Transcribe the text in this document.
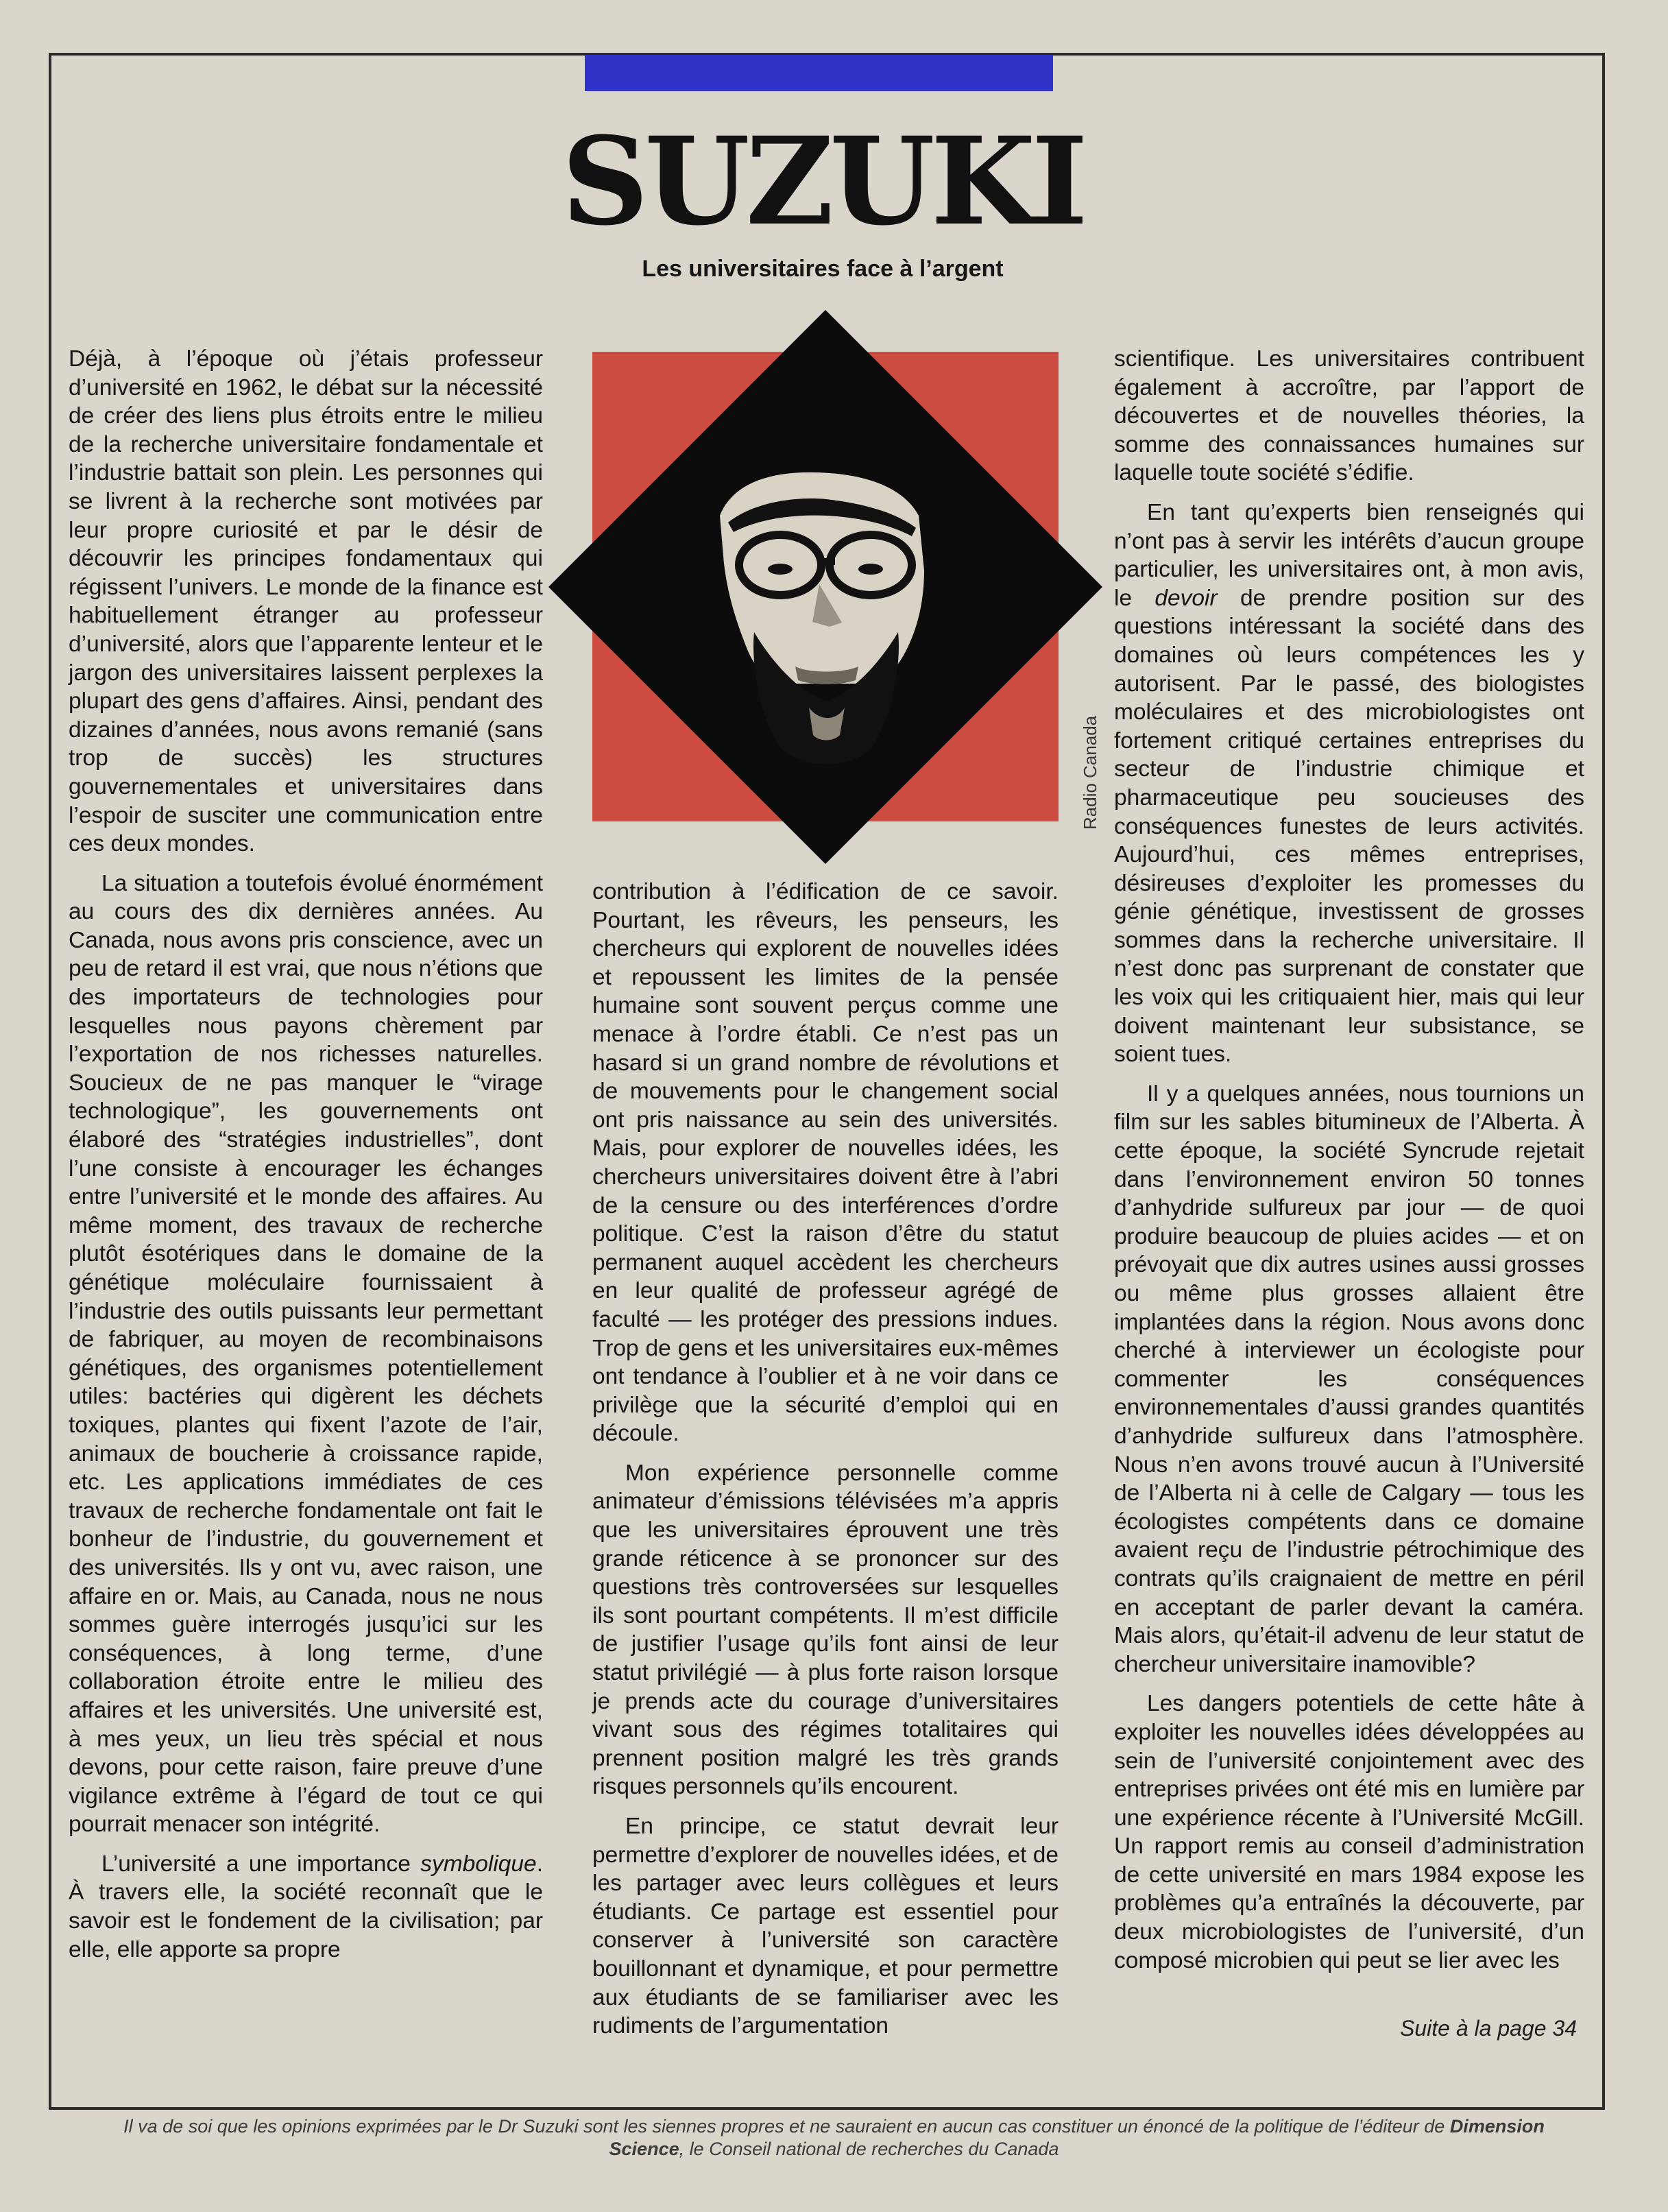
SUZUKI
Les universitaires face à l’argent
Radio Canada

Déjà, à l’époque où j’étais professeur d’université en 1962, le débat sur la nécessité de créer des liens plus étroits entre le milieu de la recherche universitaire fondamentale et l’industrie battait son plein. Les personnes qui se livrent à la recherche sont motivées par leur propre curiosité et par le désir de découvrir les principes fondamentaux qui régissent l’univers. Le monde de la finance est habituellement étranger au professeur d’université, alors que l’apparente lenteur et le jargon des universitaires laissent perplexes la plupart des gens d’affaires. Ainsi, pendant des dizaines d’années, nous avons remanié (sans trop de succès) les structures gouvernementales et universitaires dans l’espoir de susciter une communication entre ces deux mondes.

La situation a toutefois évolué énormément au cours des dix dernières années. Au Canada, nous avons pris conscience, avec un peu de retard il est vrai, que nous n’étions que des importateurs de technologies pour lesquelles nous payons chèrement par l’exportation de nos richesses naturelles. Soucieux de ne pas manquer le “virage technologique”, les gouvernements ont élaboré des “stratégies industrielles”, dont l’une consiste à encourager les échanges entre l’université et le monde des affaires. Au même moment, des travaux de recherche plutôt ésotériques dans le domaine de la génétique moléculaire fournissaient à l’industrie des outils puissants leur permettant de fabriquer, au moyen de recombinaisons génétiques, des organismes potentiellement utiles: bactéries qui digèrent les déchets toxiques, plantes qui fixent l’azote de l’air, animaux de boucherie à croissance rapide, etc. Les applications immédiates de ces travaux de recherche fondamentale ont fait le bonheur de l’industrie, du gouvernement et des universités. Ils y ont vu, avec raison, une affaire en or. Mais, au Canada, nous ne nous sommes guère interrogés jusqu’ici sur les conséquences, à long terme, d’une collaboration étroite entre le milieu des affaires et les universités. Une université est, à mes yeux, un lieu très spécial et nous devons, pour cette raison, faire preuve d’une vigilance extrême à l’égard de tout ce qui pourrait menacer son intégrité.

L’université a une importance symbolique. À travers elle, la société reconnaît que le savoir est le fondement de la civilisation; par elle, elle apporte sa propre

contribution à l’édification de ce savoir. Pourtant, les rêveurs, les penseurs, les chercheurs qui explorent de nouvelles idées et repoussent les limites de la pensée humaine sont souvent perçus comme une menace à l’ordre établi. Ce n’est pas un hasard si un grand nombre de révolutions et de mouvements pour le changement social ont pris naissance au sein des universités. Mais, pour explorer de nouvelles idées, les chercheurs universitaires doivent être à l’abri de la censure ou des interférences d’ordre politique. C’est la raison d’être du statut permanent auquel accèdent les chercheurs en leur qualité de professeur agrégé de faculté — les protéger des pressions indues. Trop de gens et les universitaires eux-mêmes ont tendance à l’oublier et à ne voir dans ce privilège que la sécurité d’emploi qui en découle.

Mon expérience personnelle comme animateur d’émissions télévisées m’a appris que les universitaires éprouvent une très grande réticence à se prononcer sur des questions très controversées sur lesquelles ils sont pourtant compétents. Il m’est difficile de justifier l’usage qu’ils font ainsi de leur statut privilégié — à plus forte raison lorsque je prends acte du courage d’universitaires vivant sous des régimes totalitaires qui prennent position malgré les très grands risques personnels qu’ils encourent.

En principe, ce statut devrait leur permettre d’explorer de nouvelles idées, et de les partager avec leurs collègues et leurs étudiants. Ce partage est essentiel pour conserver à l’université son caractère bouillonnant et dynamique, et pour permettre aux étudiants de se familiariser avec les rudiments de l’argumentation

scientifique. Les universitaires contribuent également à accroître, par l’apport de découvertes et de nouvelles théories, la somme des connaissances humaines sur laquelle toute société s’édifie.

En tant qu’experts bien renseignés qui n’ont pas à servir les intérêts d’aucun groupe particulier, les universitaires ont, à mon avis, le devoir de prendre position sur des questions intéressant la société dans des domaines où leurs compétences les y autorisent. Par le passé, des biologistes moléculaires et des microbiologistes ont fortement critiqué certaines entreprises du secteur de l’industrie chimique et pharmaceutique peu soucieuses des conséquences funestes de leurs activités. Aujourd’hui, ces mêmes entreprises, désireuses d’exploiter les promesses du génie génétique, investissent de grosses sommes dans la recherche universitaire. Il n’est donc pas surprenant de constater que les voix qui les critiquaient hier, mais qui leur doivent maintenant leur subsistance, se soient tues.

Il y a quelques années, nous tournions un film sur les sables bitumineux de l’Alberta. À cette époque, la société Syncrude rejetait dans l’environnement environ 50 tonnes d’anhydride sulfureux par jour — de quoi produire beaucoup de pluies acides — et on prévoyait que dix autres usines aussi grosses ou même plus grosses allaient être implantées dans la région. Nous avons donc cherché à interviewer un écologiste pour commenter les conséquences environnementales d’aussi grandes quantités d’anhydride sulfureux dans l’atmosphère. Nous n’en avons trouvé aucun à l’Université de l’Alberta ni à celle de Calgary — tous les écologistes compétents dans ce domaine avaient reçu de l’industrie pétrochimique des contrats qu’ils craignaient de mettre en péril en acceptant de parler devant la caméra. Mais alors, qu’était-il advenu de leur statut de chercheur universitaire inamovible?

Les dangers potentiels de cette hâte à exploiter les nouvelles idées développées au sein de l’université conjointement avec des entreprises privées ont été mis en lumière par une expérience récente à l’Université McGill. Un rapport remis au conseil d’administration de cette université en mars 1984 expose les problèmes qu’a entraînés la découverte, par deux microbiologistes de l’université, d’un composé microbien qui peut se lier avec les

Suite à la page 34
Il va de soi que les opinions exprimées par le Dr Suzuki sont les siennes propres et ne sauraient en aucun cas constituer un énoncé de la politique de l’éditeur de Dimension Science, le Conseil national de recherches du Canada
